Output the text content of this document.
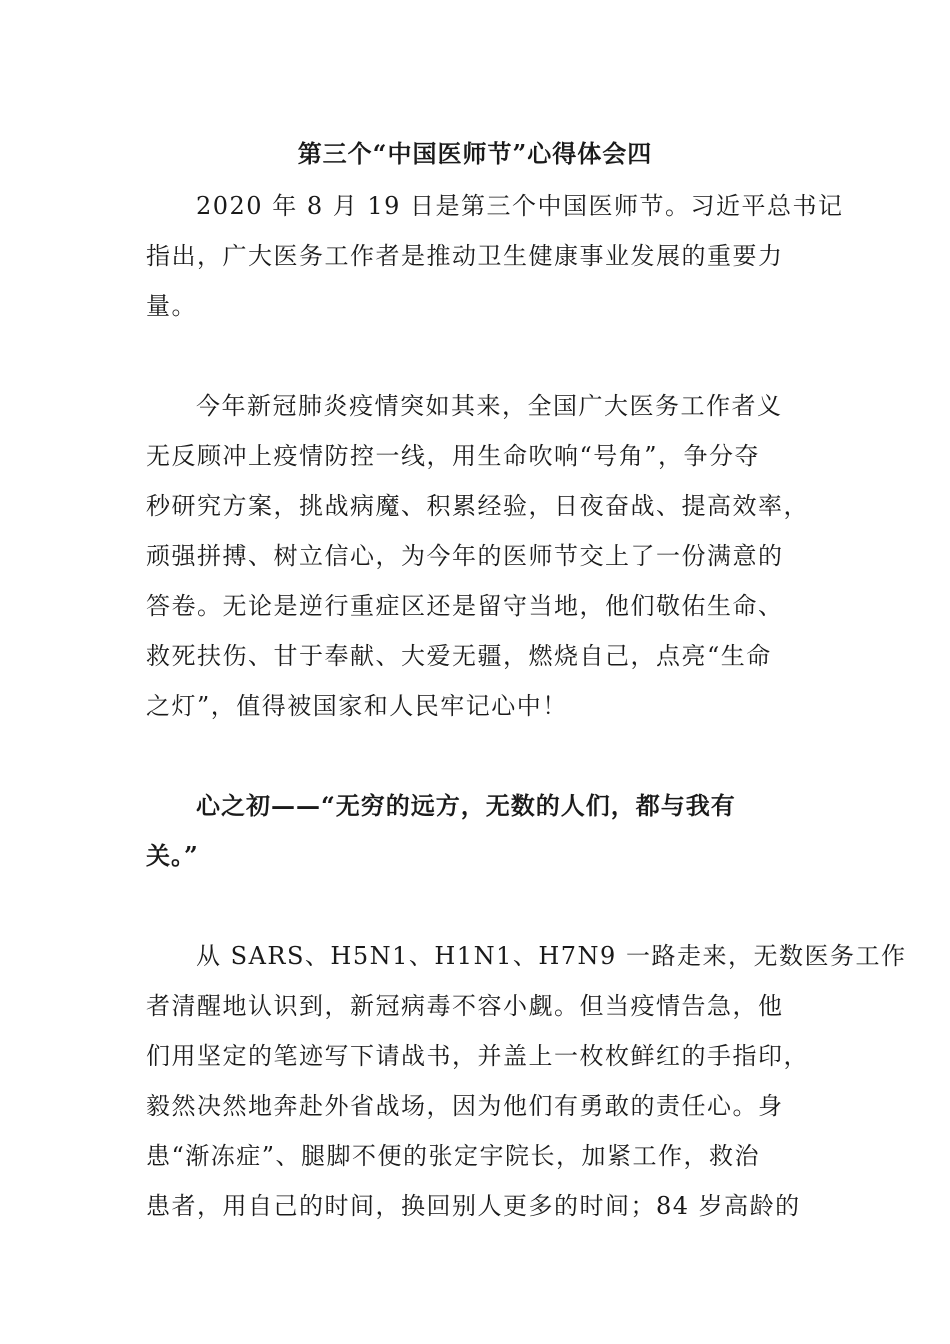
第三个“中国医师节”心得体会四
2020 年 8 月 19 日是第三个中国医师节。习近平总书记
指出，广大医务工作者是推动卫生健康事业发展的重要力
量。
今年新冠肺炎疫情突如其来，全国广大医务工作者义
无反顾冲上疫情防控一线，用生命吹响“号角”，争分夺
秒研究方案，挑战病魔、积累经验，日夜奋战、提高效率，
顽强拼搏、树立信心，为今年的医师节交上了一份满意的
答卷。无论是逆行重症区还是留守当地，他们敬佑生命、
救死扶伤、甘于奉献、大爱无疆，燃烧自己，点亮“生命
之灯”，值得被国家和人民牢记心中！
心之初——“无穷的远方，无数的人们，都与我有
关。”
从 SARS、H5N1、H1N1、H7N9 一路走来，无数医务工作
者清醒地认识到，新冠病毒不容小觑。但当疫情告急，他
们用坚定的笔迹写下请战书，并盖上一枚枚鲜红的手指印，
毅然决然地奔赴外省战场，因为他们有勇敢的责任心。身
患“渐冻症”、腿脚不便的张定宇院长，加紧工作，救治
患者，用自己的时间，换回别人更多的时间；84 岁高龄的
